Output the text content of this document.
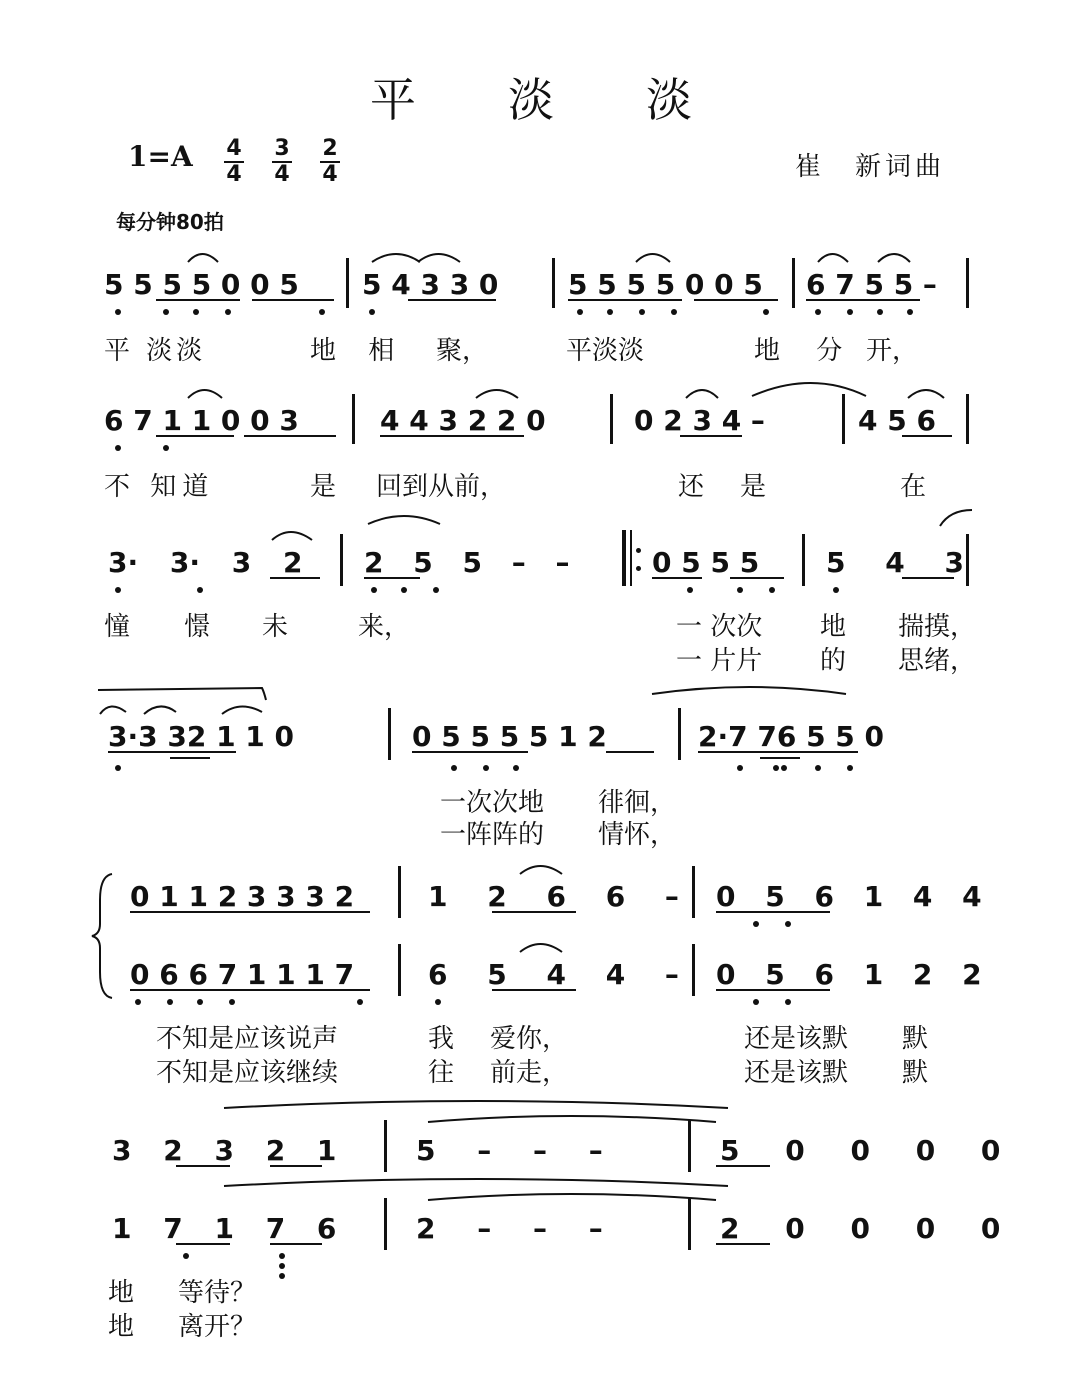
平淡淡
1=A 4
4
3
4
2
4	崔　新词曲
每分钟80拍
5 5 5 5 0 0 5 5 4 3 3 0 5 5 5 5 0 0 5 6 7 5 5 –
平 淡淡	地 相 聚，	平淡淡	地 分 开，
6 7 1 1 0 0 3	4 4 3 2 2 0	0 2 3 4 –	4 5 6
不 知道	是 回到从前，	还 是	在
3· 3· 3 2 2 5 5 – –	0 5 5 5 5 4 3
憧 憬 未	来，	一 次次 地 揣摸，
一 片片 的 思绪，
3·3 32 1 1 0	0 5 5 5 5 1 2	2·7 76 5 5 0
一次次地 徘徊，
一阵阵的 情怀，
0 1 1 2 3 3 3 2	1 2 6 6 – 0 5 6 1 4 4
0 6 6 7 1 1 1 7	6 5 4 4 – 0 5 6 1 2 2
不知是应该说声	我 爱你，	还是该默 默
不知是应该继续	往 前走，	还是该默 默
3 2 3 2 1	5 – – –	5 0 0 0 0
1 7 1 7 6	2 – – –	2 0 0 0 0
地 等待？
地 离开？
